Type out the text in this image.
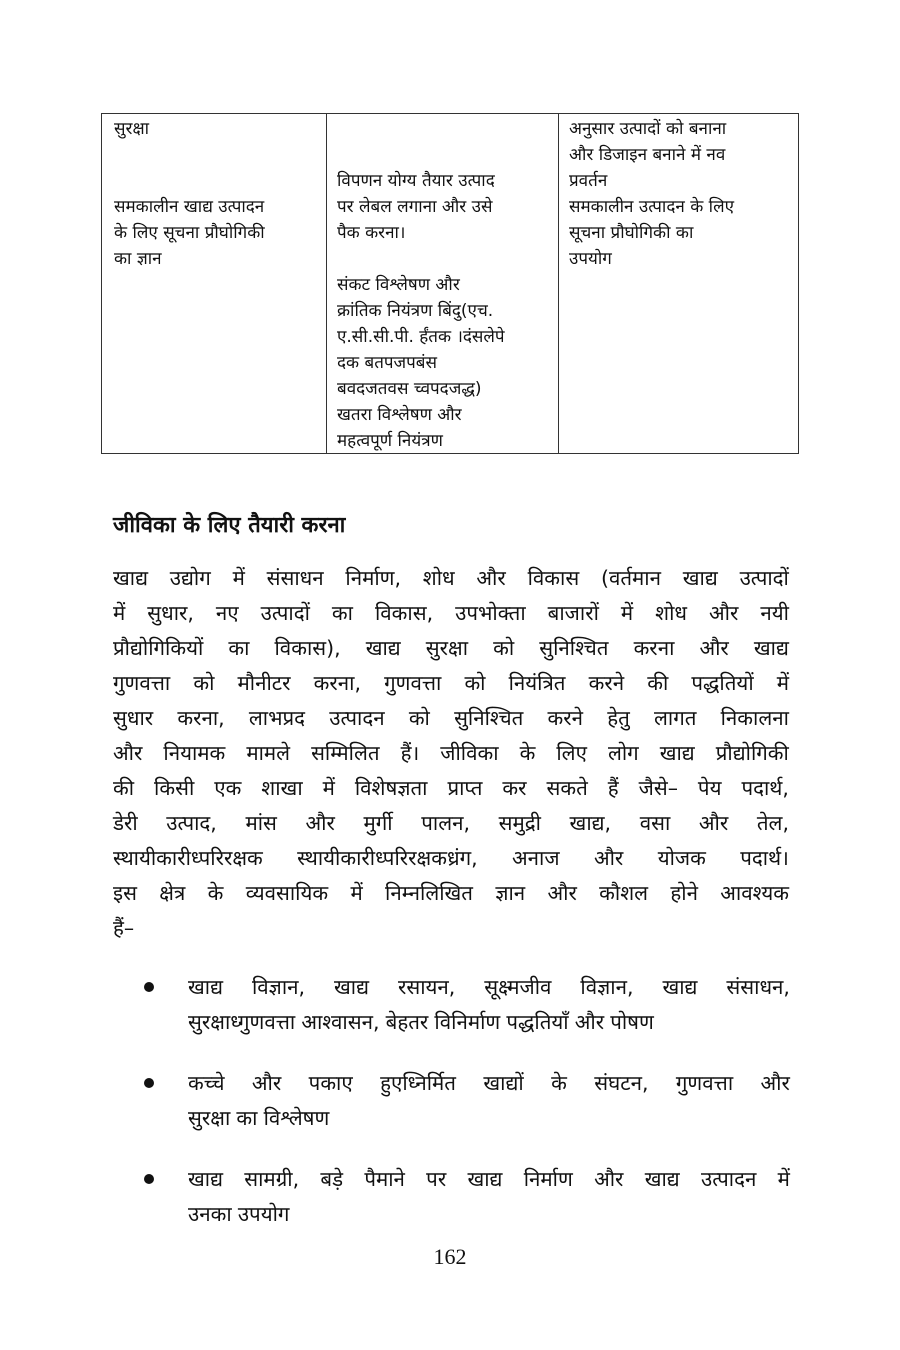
सुरक्षा
समकालीन खाद्य उत्पादन
के लिए सूचना प्रौघोगिकी
का ज्ञान
विपणन योग्य तैयार उत्पाद
पर लेबल लगाना और उसे
पैक करना।
संकट विश्लेषण और
क्रांतिक नियंत्रण बिंदु(एच.
ए.सी.सी.पी. र्हंतक ।दंसलेपे
दक बतपजपबंस
बवदजतवस च्वपदजद्ध)
खतरा विश्लेषण और
महत्वपूर्ण नियंत्रण
अनुसार उत्पादों को बनाना
और डिजाइन बनाने में नव
प्रवर्तन
समकालीन उत्पादन के लिए
सूचना प्रौघोगिकी का
उपयोग
जीविका के लिए तैयारी करना
खाद्य उद्योग में संसाधन निर्माण, शोध और विकास (वर्तमान खाद्य उत्पादों
में सुधार, नए उत्पादों का विकास, उपभोक्ता बाजारों में शोध और नयी
प्रौद्योगिकियों का विकास), खाद्य सुरक्षा को सुनिश्चित करना और खाद्य
गुणवत्ता को मौनीटर करना, गुणवत्ता को नियंत्रित करने की पद्धतियों में
सुधार करना, लाभप्रद उत्पादन को सुनिश्चित करने हेतु लागत निकालना
और नियामक मामले सम्मिलित हैं। जीविका के लिए लोग खाद्य प्रौद्योगिकी
की किसी एक शाखा में विशेषज्ञता प्राप्त कर सकते हैं जैसे– पेय पदार्थ,
डेरी उत्पाद, मांस और मुर्गी पालन, समुद्री खाद्य, वसा और तेल,
स्थायीकारीध्परिरक्षक स्थायीकारीध्परिरक्षकध्रंग, अनाज और योजक पदार्थ।
इस क्षेत्र के व्यवसायिक में निम्नलिखित ज्ञान और कौशल होने आवश्यक
हैं–
खाद्य विज्ञान, खाद्य रसायन, सूक्ष्मजीव विज्ञान, खाद्य संसाधन,
सुरक्षाध्गुणवत्ता आश्वासन, बेहतर विनिर्माण पद्धतियाँ और पोषण
कच्चे और पकाए हुएध्निर्मित खाद्यों के संघटन, गुणवत्ता और
सुरक्षा का विश्लेषण
खाद्य सामग्री, बड़े पैमाने पर खाद्य निर्माण और खाद्य उत्पादन में
उनका उपयोग
162
